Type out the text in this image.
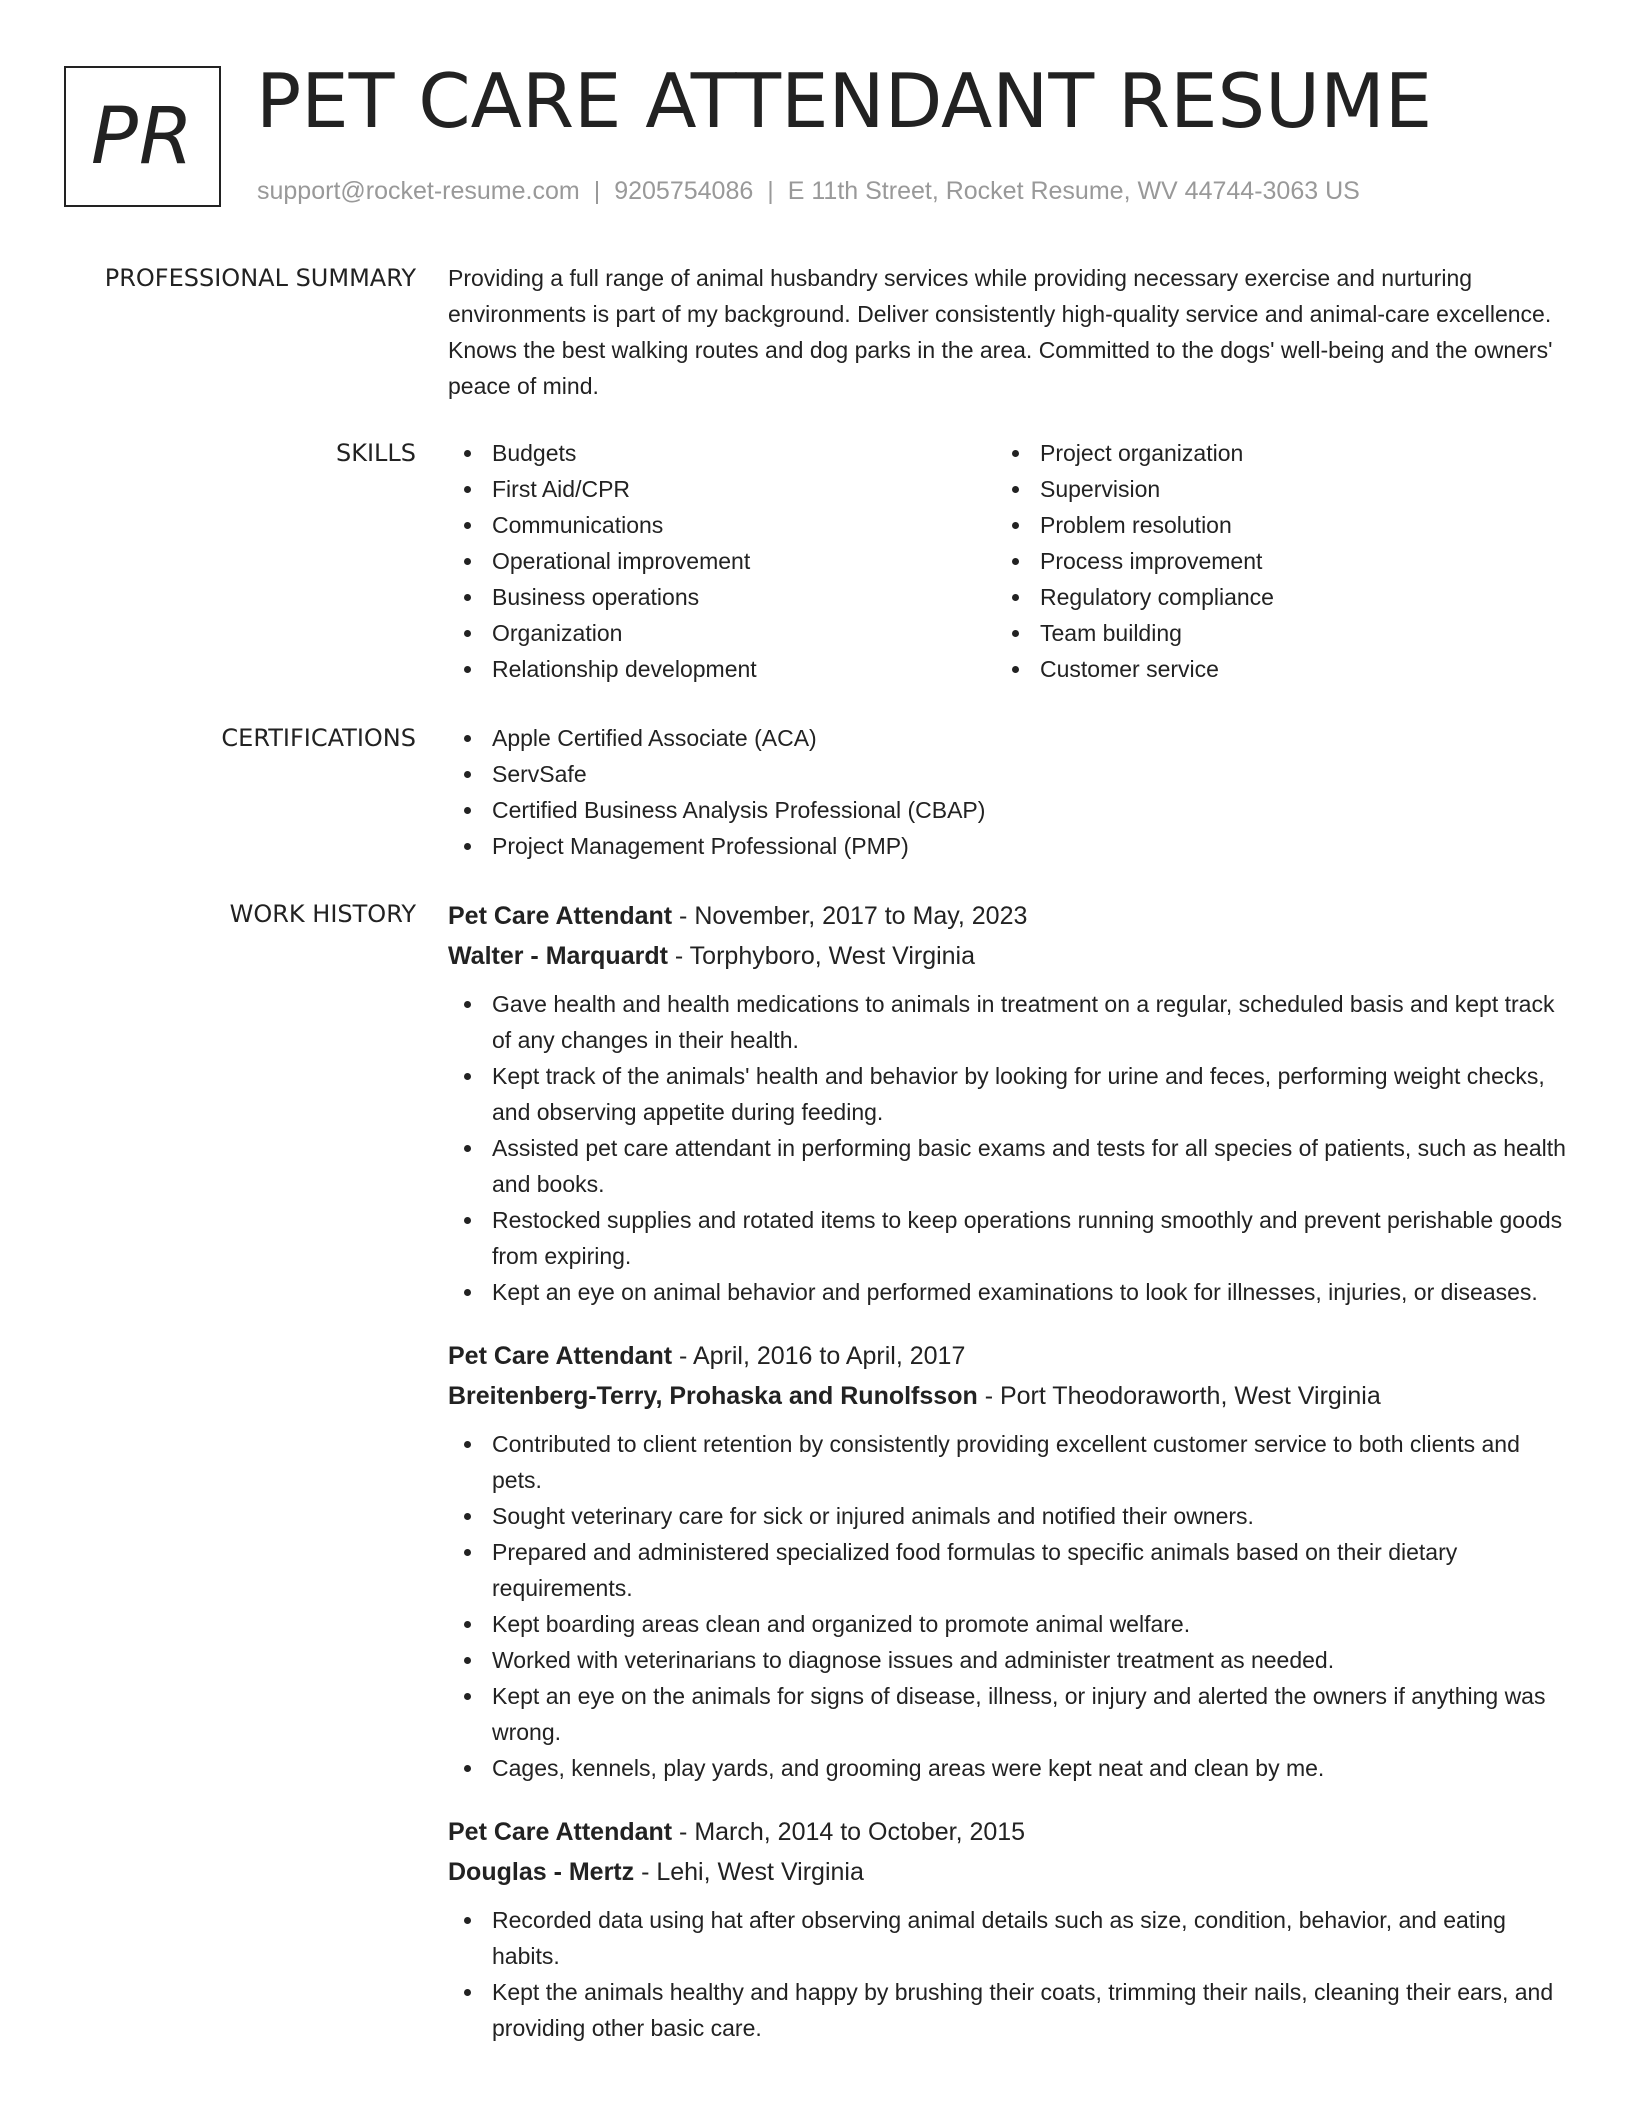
PR PET CARE ATTENDANT RESUME
support@rocket-resume.com | 9205754086 | E 11th Street, Rocket Resume, WV 44744-3063 US
PROFESSIONAL SUMMARY Providing a full range of animal husbandry services while providing necessary exercise and nurturing environments is part of my background. Deliver consistently high-quality service and animal-care excellence. Knows the best walking routes and dog parks in the area. Committed to the dogs' well-being and the owners' peace of mind.

SKILLS	Budgets
First Aid/CPR
Communications
Operational improvement
Business operations
Organization
Relationship development
Project organization
Supervision
Problem resolution
Process improvement
Regulatory compliance
Team building
Customer service
CERTIFICATIONS	Apple Certified Associate (ACA)
ServSafe
Certified Business Analysis Professional (CBAP)
Project Management Professional (PMP)
WORK HISTORY Pet Care Attendant - November, 2017 to May, 2023
Walter - Marquardt - Torphyboro, West Virginia
Gave health and health medications to animals in treatment on a regular, scheduled basis and kept track of any changes in their health.
Kept track of the animals' health and behavior by looking for urine and feces, performing weight checks, and observing appetite during feeding.
Assisted pet care attendant in performing basic exams and tests for all species of patients, such as health and books.
Restocked supplies and rotated items to keep operations running smoothly and prevent perishable goods from expiring.
Kept an eye on animal behavior and performed examinations to look for illnesses, injuries, or diseases.
Pet Care Attendant - April, 2016 to April, 2017
Breitenberg-Terry, Prohaska and Runolfsson - Port Theodoraworth, West Virginia
Contributed to client retention by consistently providing excellent customer service to both clients and pets.
Sought veterinary care for sick or injured animals and notified their owners.
Prepared and administered specialized food formulas to specific animals based on their dietary requirements.
Kept boarding areas clean and organized to promote animal welfare.
Worked with veterinarians to diagnose issues and administer treatment as needed.
Kept an eye on the animals for signs of disease, illness, or injury and alerted the owners if anything was wrong.
Cages, kennels, play yards, and grooming areas were kept neat and clean by me.
Pet Care Attendant - March, 2014 to October, 2015
Douglas - Mertz - Lehi, West Virginia
Recorded data using hat after observing animal details such as size, condition, behavior, and eating habits.
Kept the animals healthy and happy by brushing their coats, trimming their nails, cleaning their ears, and providing other basic care.
